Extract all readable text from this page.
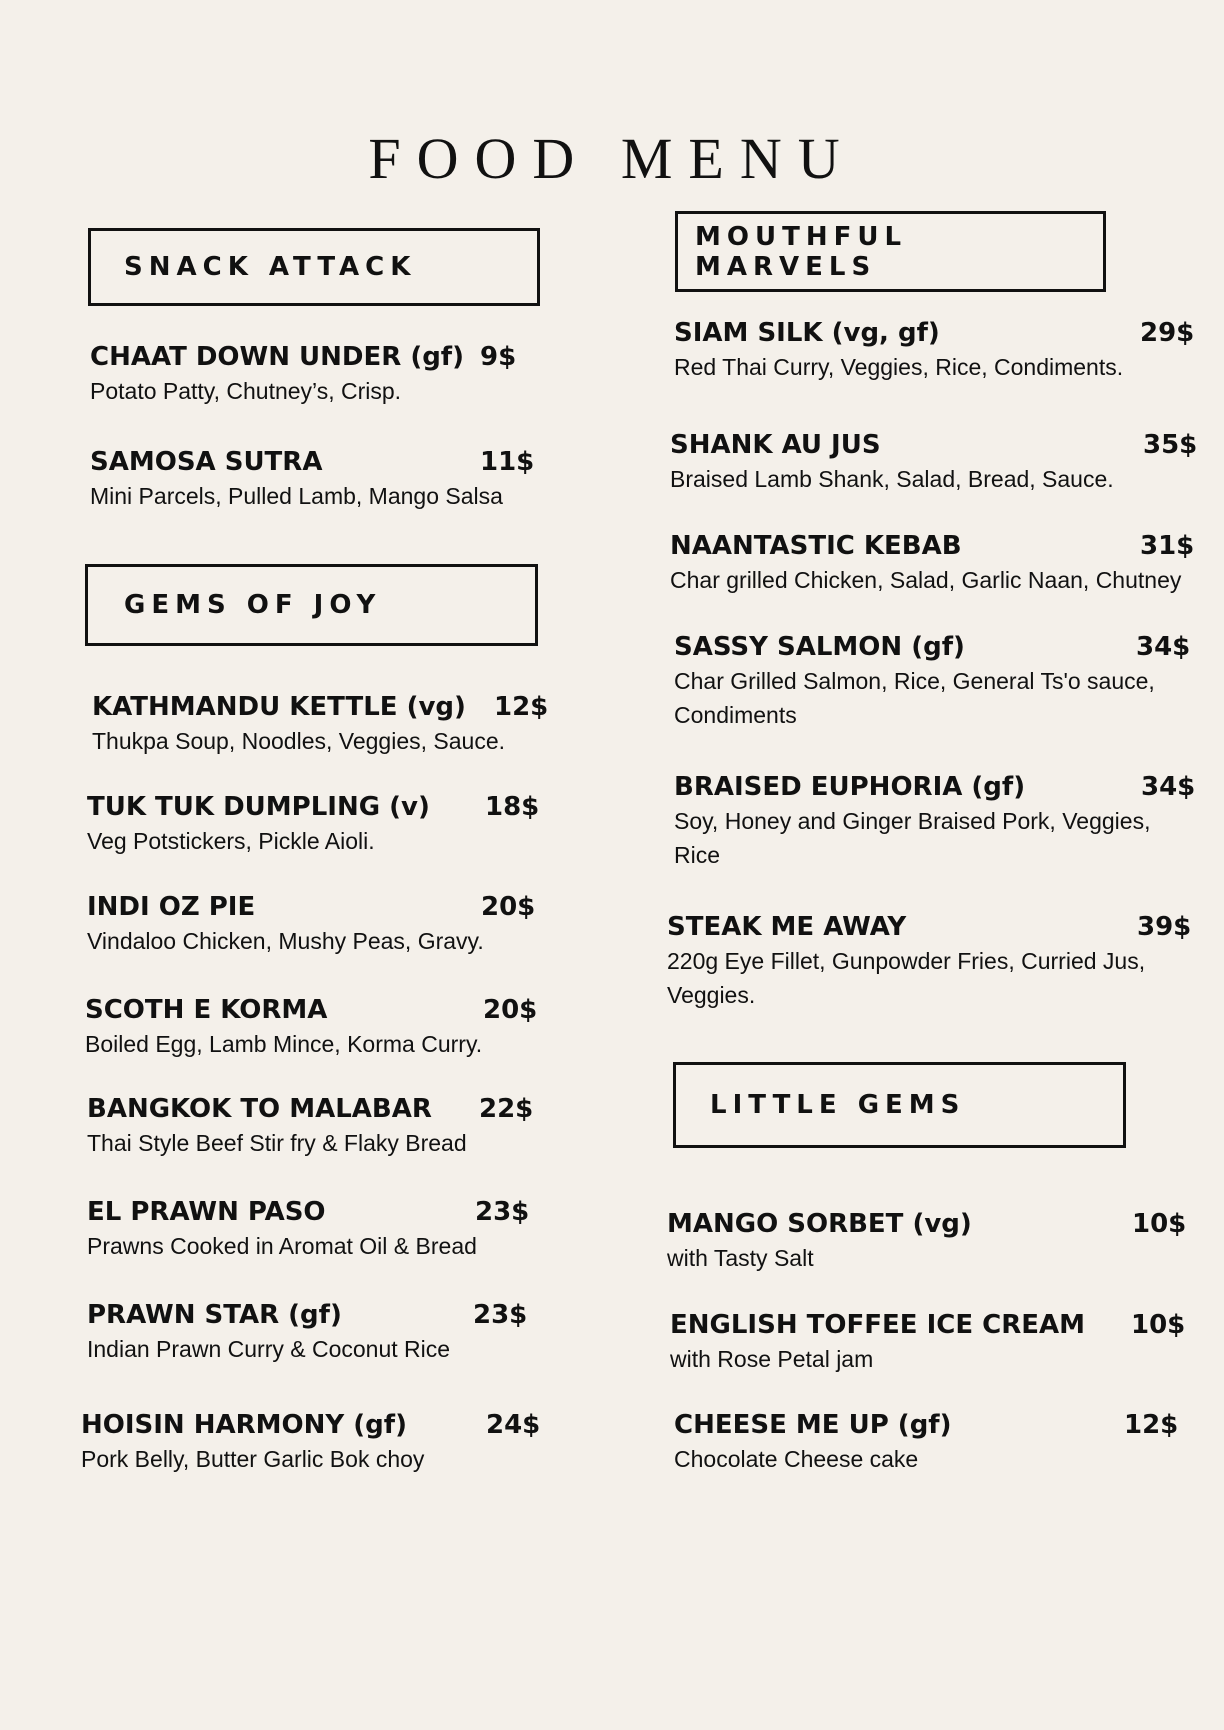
FOOD MENU
SNACK ATTACK
CHAAT DOWN UNDER (gf) 9$
Potato Patty, Chutney’s, Crisp.
SAMOSA SUTRA	11$
Mini Parcels, Pulled Lamb, Mango Salsa
GEMS OF JOY
KATHMANDU KETTLE (vg) 12$
Thukpa Soup, Noodles, Veggies, Sauce.
TUK TUK DUMPLING (v) 18$
Veg Potstickers, Pickle Aioli.
INDI OZ PIE	20$
Vindaloo Chicken, Mushy Peas, Gravy.
SCOTH E KORMA	20$
Boiled Egg, Lamb Mince, Korma Curry.
BANGKOK TO MALABAR 22$
Thai Style Beef Stir fry & Flaky Bread
EL PRAWN PASO	23$
Prawns Cooked in Aromat Oil & Bread
PRAWN STAR (gf)	23$
Indian Prawn Curry & Coconut Rice
HOISIN HARMONY (gf)	24$
Pork Belly, Butter Garlic Bok choy
MOUTHFUL MARVELS
SIAM SILK (vg, gf)	29$
Red Thai Curry, Veggies, Rice, Condiments.
SHANK AU JUS	35$
Braised Lamb Shank, Salad, Bread, Sauce.
NAANTASTIC KEBAB	31$
Char grilled Chicken, Salad, Garlic Naan, Chutney
SASSY SALMON (gf)	34$
Char Grilled Salmon, Rice, General Ts'o sauce, Condiments
BRAISED EUPHORIA (gf)	34$
Soy, Honey and Ginger Braised Pork, Veggies, Rice
STEAK ME AWAY	39$
220g Eye Fillet, Gunpowder Fries, Curried Jus, Veggies.
LITTLE GEMS
MANGO SORBET (vg)	10$
with Tasty Salt
ENGLISH TOFFEE ICE CREAM 10$
with Rose Petal jam
CHEESE ME UP (gf)	12$
Chocolate Cheese cake
